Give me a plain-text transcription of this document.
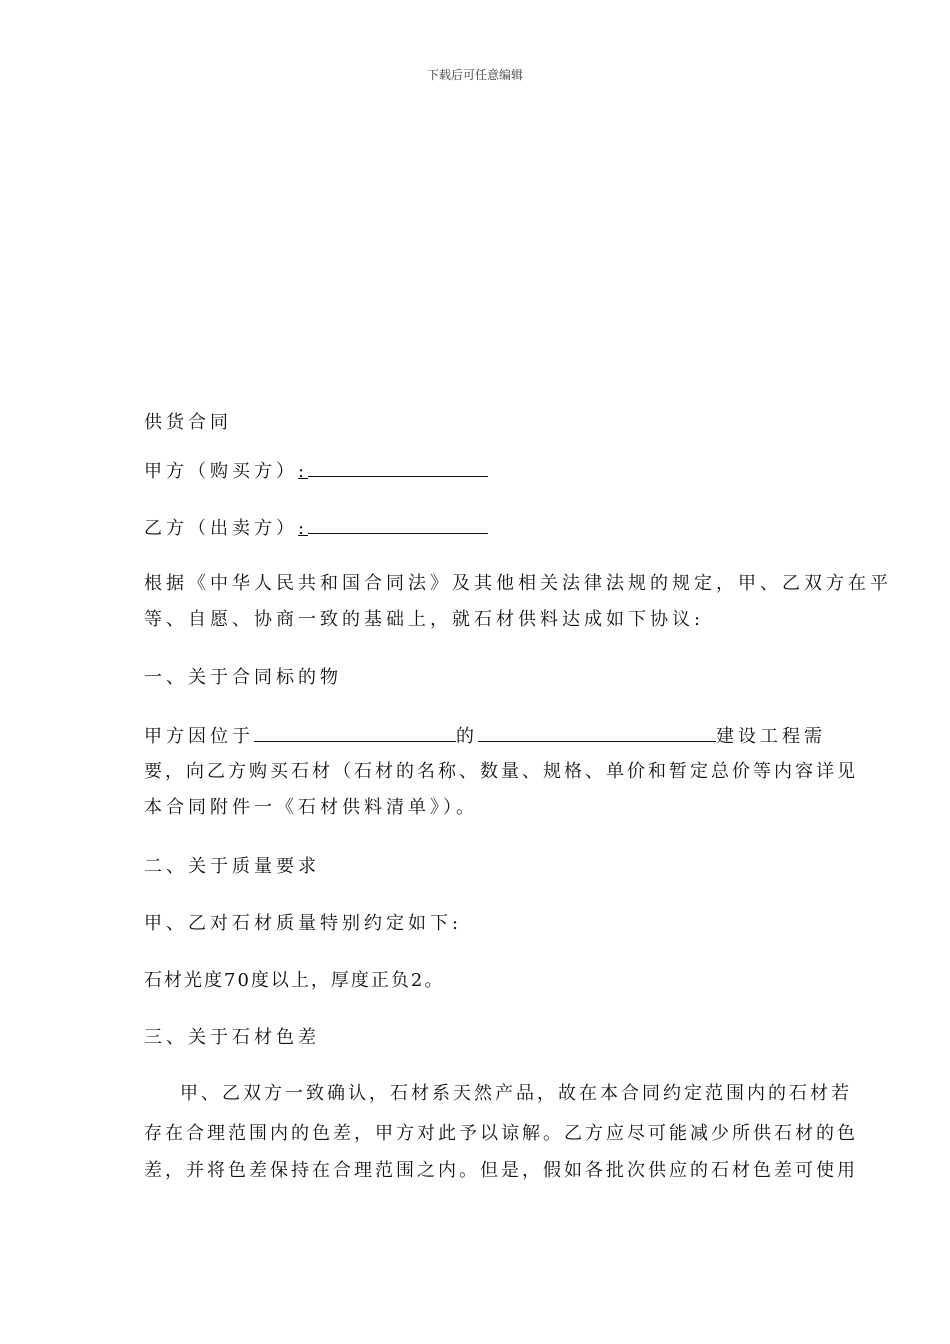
下载后可任意编辑
供货合同
甲方（购买方）:
乙方（出卖方）:
根据《中华人民共和国合同法》及其他相关法律法规的规定，甲、乙双方在平
等、自愿、协商一致的基础上，就石材供料达成如下协议:
一、关于合同标的物
甲方因位于	的	建设工程需
要，向乙方购买石材（石材的名称、数量、规格、单价和暂定总价等内容详见
本合同附件一《石材供料清单》）。
二、关于质量要求
甲、乙对石材质量特别约定如下:
石材光度70度以上，厚度正负2。
三、关于石材色差
甲、乙双方一致确认，石材系天然产品，故在本合同约定范围内的石材若
存在合理范围内的色差，甲方对此予以谅解。乙方应尽可能减少所供石材的色
差，并将色差保持在合理范围之内。但是，假如各批次供应的石材色差可使用
